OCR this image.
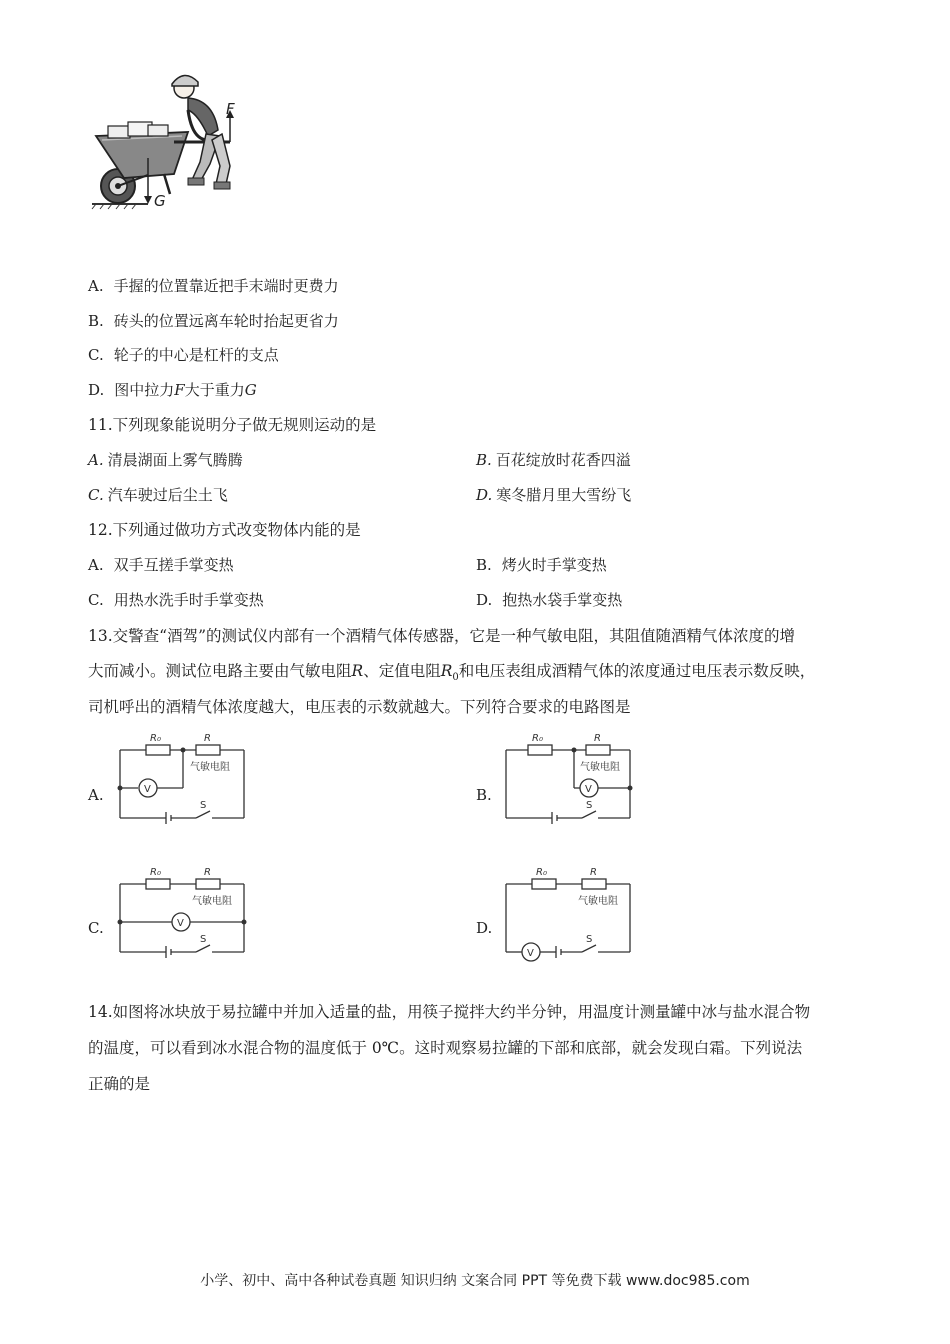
F
G
A. 手握的位置靠近把手末端时更费力
B. 砖头的位置远离车轮时抬起更省力
C. 轮子的中心是杠杆的支点
D. 图中拉力F大于重力G
11.下列现象能说明分子做无规则运动的是
A. 清晨湖面上雾气腾腾	B. 百花绽放时花香四溢
C. 汽车驶过后尘土飞	D. 寒冬腊月里大雪纷飞
12.下列通过做功方式改变物体内能的是
A. 双手互搓手掌变热	B. 烤火时手掌变热
C. 用热水洗手时手掌变热	D. 抱热水袋手掌变热
13.交警查“酒驾”的测试仪内部有一个酒精气体传感器，它是一种气敏电阻，其阻值随酒精气体浓度的增
大而减小。测试位电路主要由气敏电阻R、定值电阻$R_0$和电压表组成酒精气体的浓度通过电压表示数反映，
司机呼出的酒精气体浓度越大，电压表的示数就越大。下列符合要求的电路图是
A.	B.
C.	D.
R₀	R
气敏电阻
V
S
R₀	R
气敏电阻
V
S
R₀	R
气敏电阻
V
S
R₀	R
气敏电阻
V
S
14.如图将冰块放于易拉罐中并加入适量的盐，用筷子搅拌大约半分钟，用温度计测量罐中冰与盐水混合物
的温度，可以看到冰水混合物的温度低于 0℃。这时观察易拉罐的下部和底部，就会发现白霜。下列说法
正确的是
小学、初中、高中各种试卷真题 知识归纳 文案合同 PPT 等免费下载 www.doc985.com
